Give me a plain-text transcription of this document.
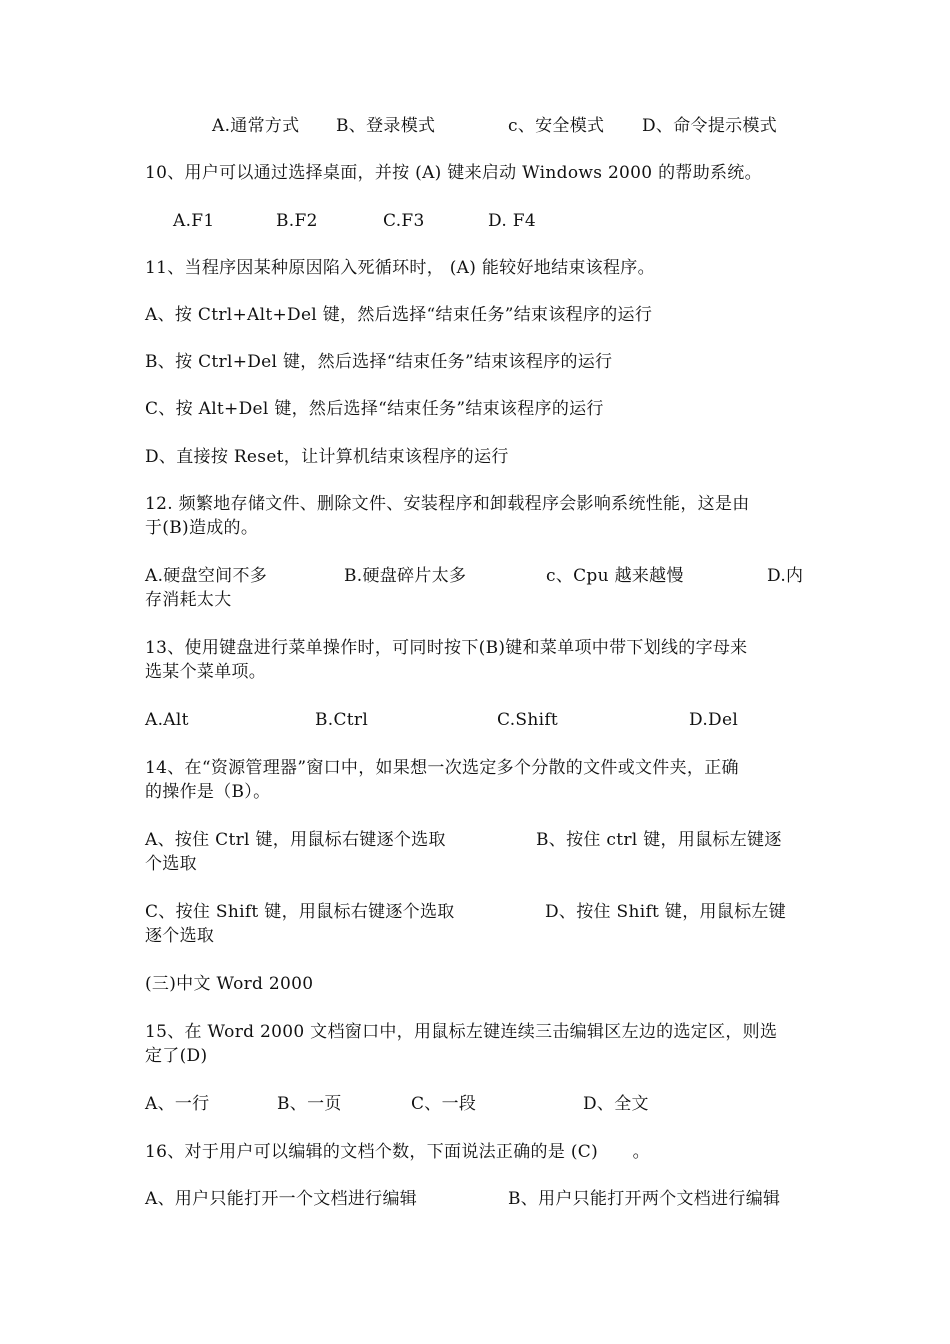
A.通常方式 B、登录模式	c、安全模式 D、命令提示模式
10、用户可以通过选择桌面，并按 (A) 键来启动 Windows 2000 的帮助系统。
A.F1	B.F2	C.F3	D. F4
11、当程序因某种原因陷入死循环时， (A) 能较好地结束该程序。
A、按 Ctrl+Alt+Del 键，然后选择“结束任务”结束该程序的运行
B、按 Ctrl+Del 键，然后选择“结束任务”结束该程序的运行
C、按 Alt+Del 键，然后选择“结束任务”结束该程序的运行
D、直接按 Reset，让计算机结束该程序的运行
12. 频繁地存储文件、删除文件、安装程序和卸载程序会影响系统性能，这是由
于(B)造成的。
A.硬盘空间不多	B.硬盘碎片太多	c、Cpu 越来越慢	D.内
存消耗太大
13、使用键盘进行菜单操作时，可同时按下(B)键和菜单项中带下划线的字母来
选某个菜单项。
A.Alt	B.Ctrl	C.Shift	D.Del
14、在“资源管理器”窗口中，如果想一次选定多个分散的文件或文件夹，正确
的操作是（B）。
A、按住 Ctrl 键，用鼠标右键逐个选取	B、按住 ctrl 键，用鼠标左键逐
个选取
C、按住 Shift 键，用鼠标右键逐个选取	D、按住 Shift 键，用鼠标左键
逐个选取
(三)中文 Word 2000
15、在 Word 2000 文档窗口中，用鼠标左键连续三击编辑区左边的选定区，则选
定了(D)
A、一行	B、一页	C、一段	D、全文
16、对于用户可以编辑的文档个数，下面说法正确的是 (C)　　。
A、用户只能打开一个文档进行编辑	B、用户只能打开两个文档进行编辑
